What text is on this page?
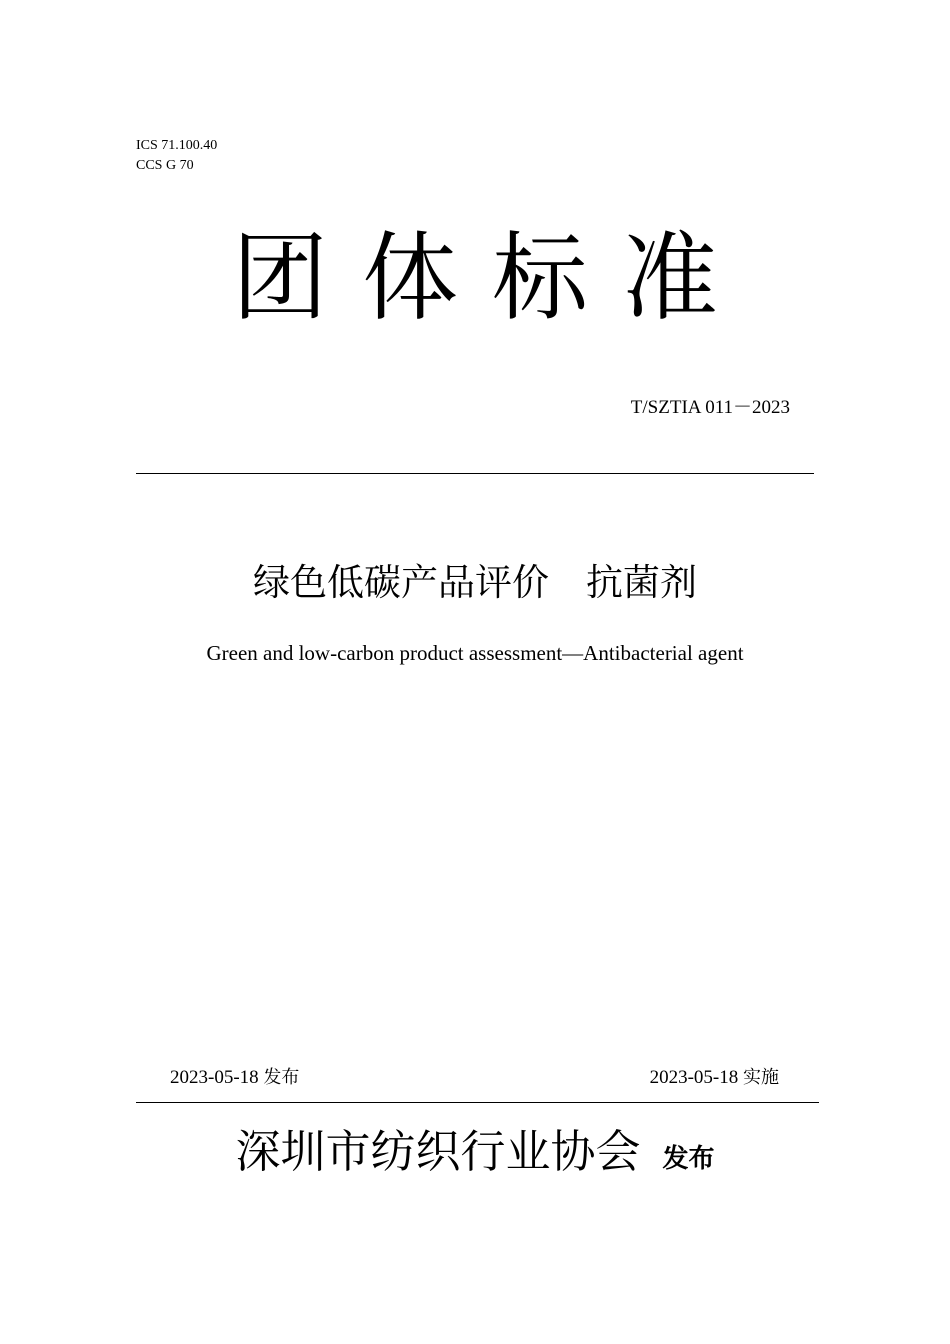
ICS 71.100.40
CCS G 70
团体标准
T/SZTIA 011－2023
绿色低碳产品评价　抗菌剂
Green and low-carbon product assessment—Antibacterial agent
2023-05-18 发布	2023-05-18 实施
深圳市纺织行业协会 发布
